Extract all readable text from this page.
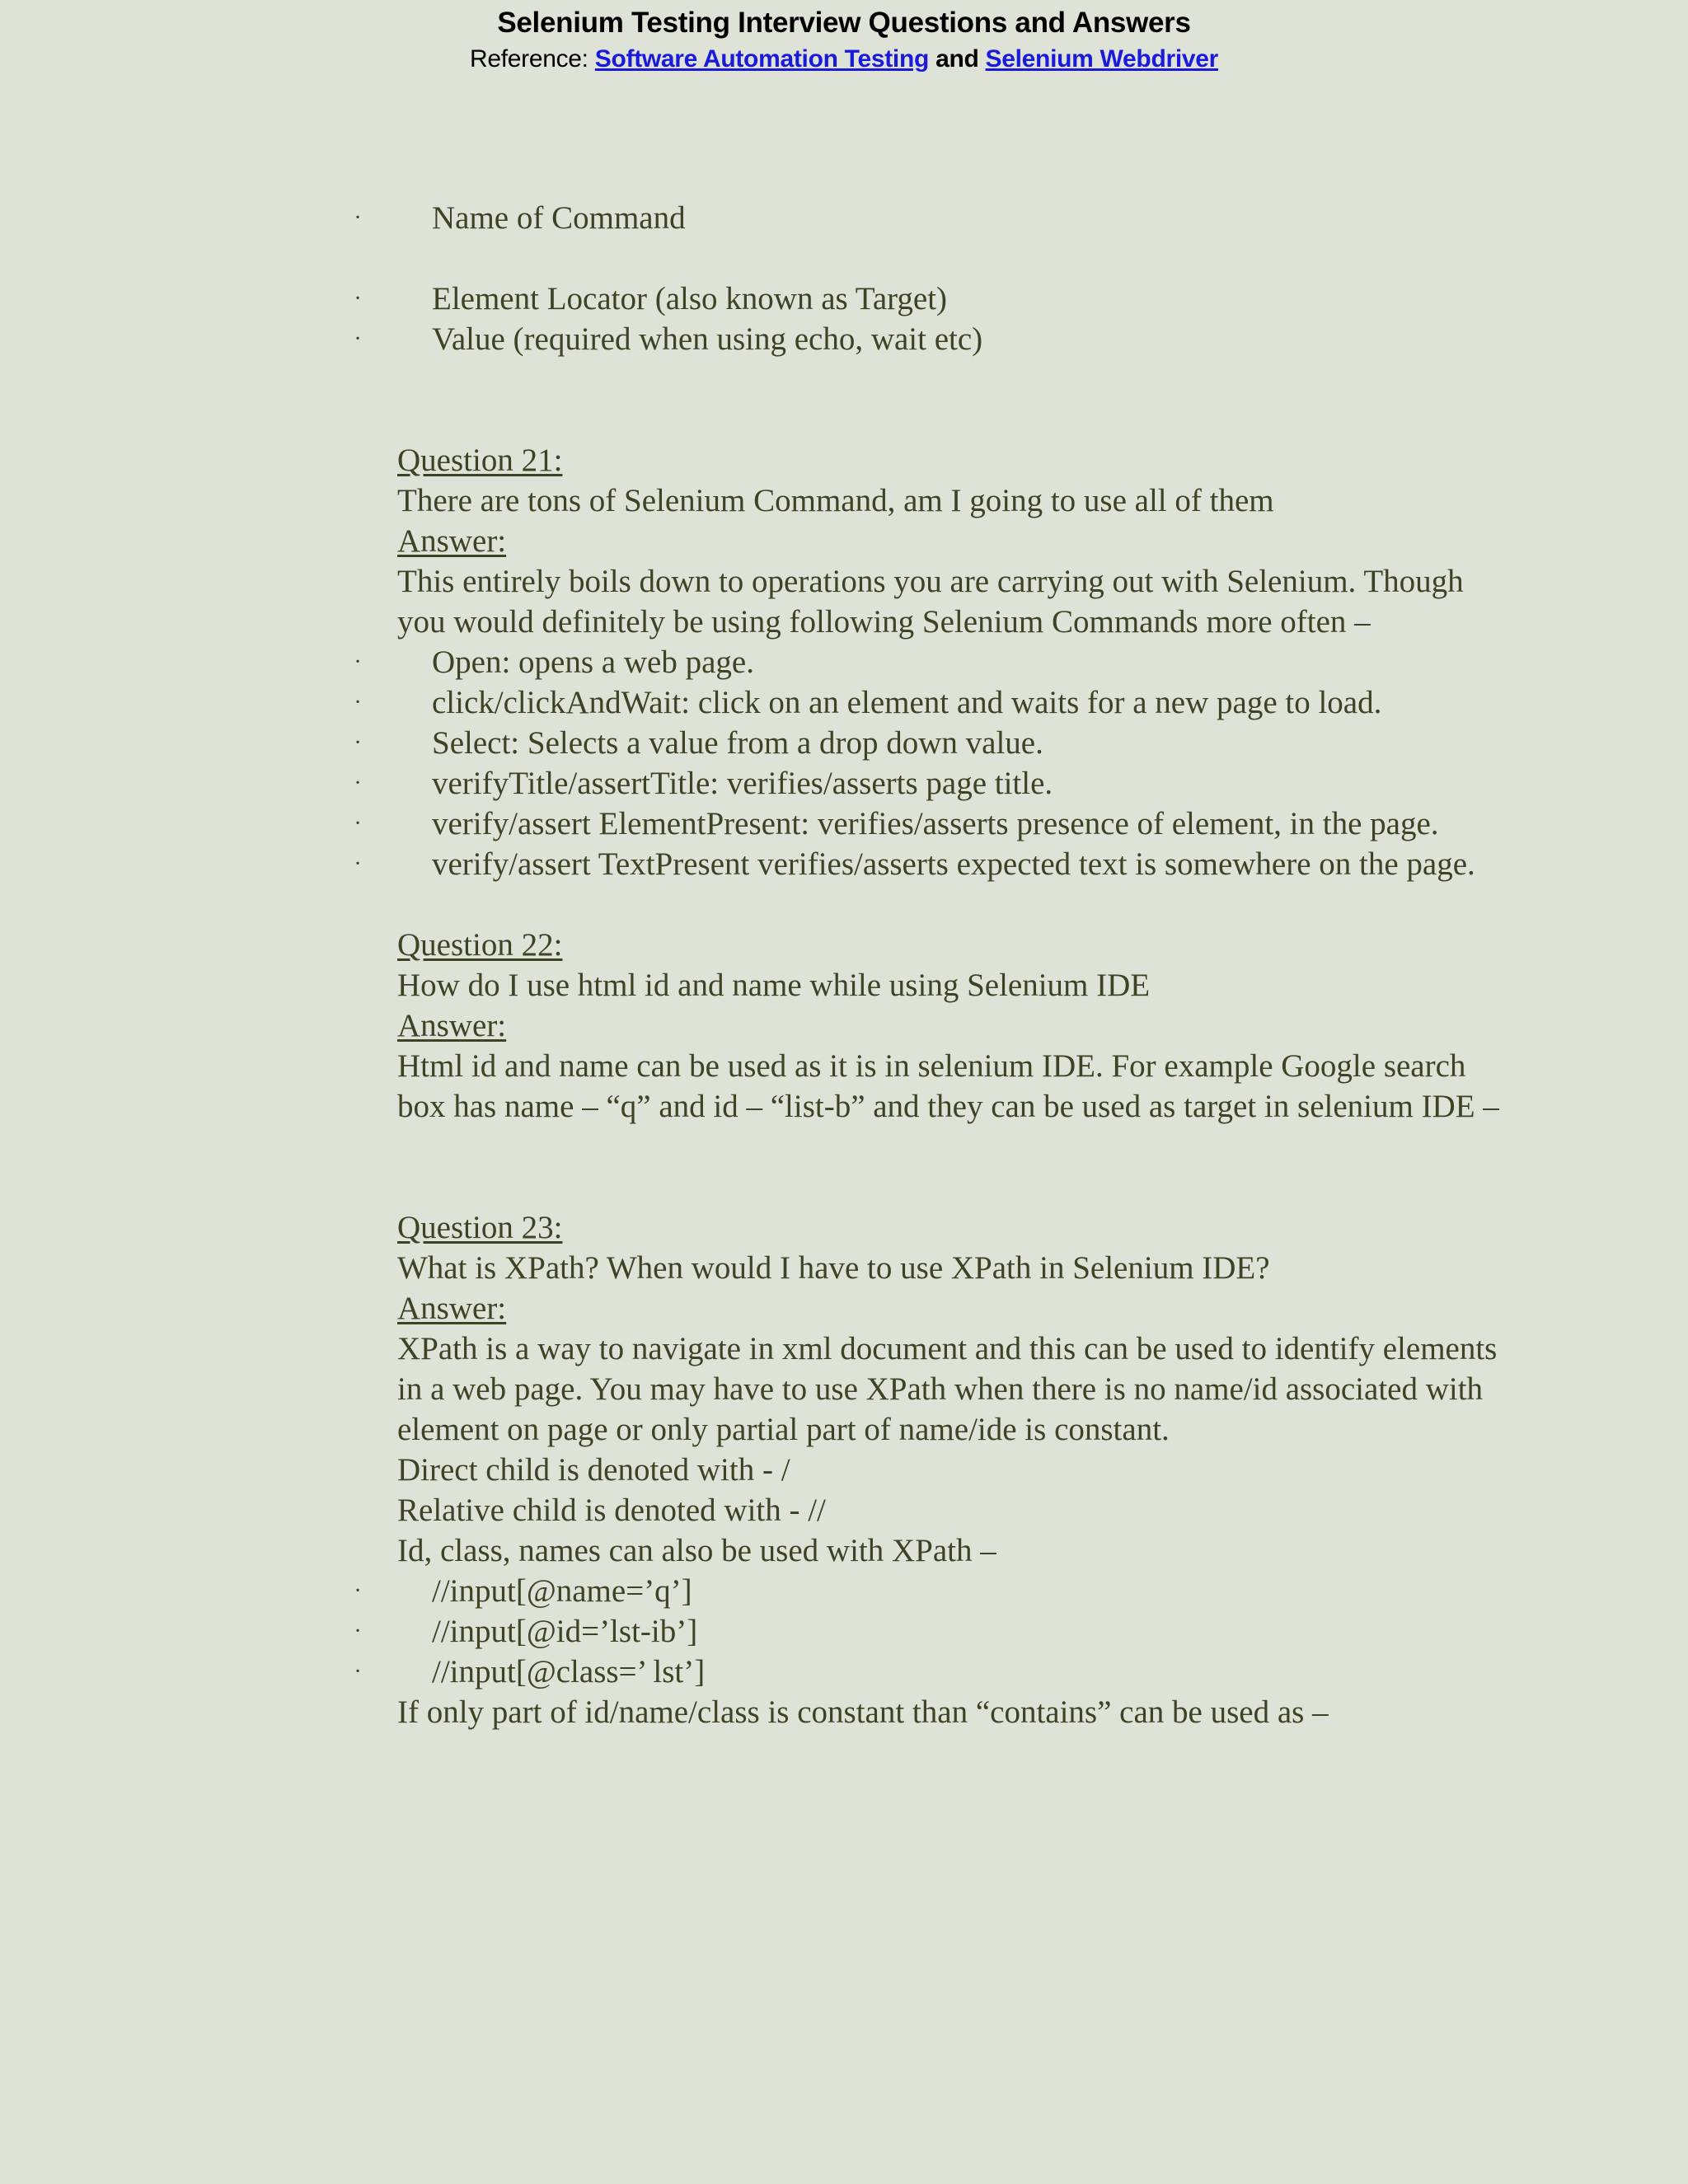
Selenium Testing Interview Questions and Answers
Reference: Software Automation Testing and Selenium Webdriver
·	Name of Command
·	Element Locator (also known as Target)
·	Value (required when using echo, wait etc)
Question 21:
There are tons of Selenium Command, am I going to use all of them
Answer:
This entirely boils down to operations you are carrying out with Selenium. Though you would definitely be using following Selenium Commands more often –
·	Open: opens a web page.
·	click/clickAndWait: click on an element and waits for a new page to load.
·	Select: Selects a value from a drop down value.
·	verifyTitle/assertTitle: verifies/asserts page title.
·	verify/assert ElementPresent: verifies/asserts presence of element, in the page.
·	verify/assert TextPresent verifies/asserts expected text is somewhere on the page.
Question 22:
How do I use html id and name while using Selenium IDE
Answer:
Html id and name can be used as it is in selenium IDE. For example Google search box has name – “q” and id – “list-b” and they can be used as target in selenium IDE –
Question 23:
What is XPath? When would I have to use XPath in Selenium IDE?
Answer:
XPath is a way to navigate in xml document and this can be used to identify elements in a web page. You may have to use XPath when there is no name/id associated with element on page or only partial part of name/ide is constant.
Direct child is denoted with - /
Relative child is denoted with - //
Id, class, names can also be used with XPath –
·	//input[@name=’q’]
·	//input[@id=’lst-ib’]
·	//input[@class=’ lst’]
If only part of id/name/class is constant than “contains” can be used as –
